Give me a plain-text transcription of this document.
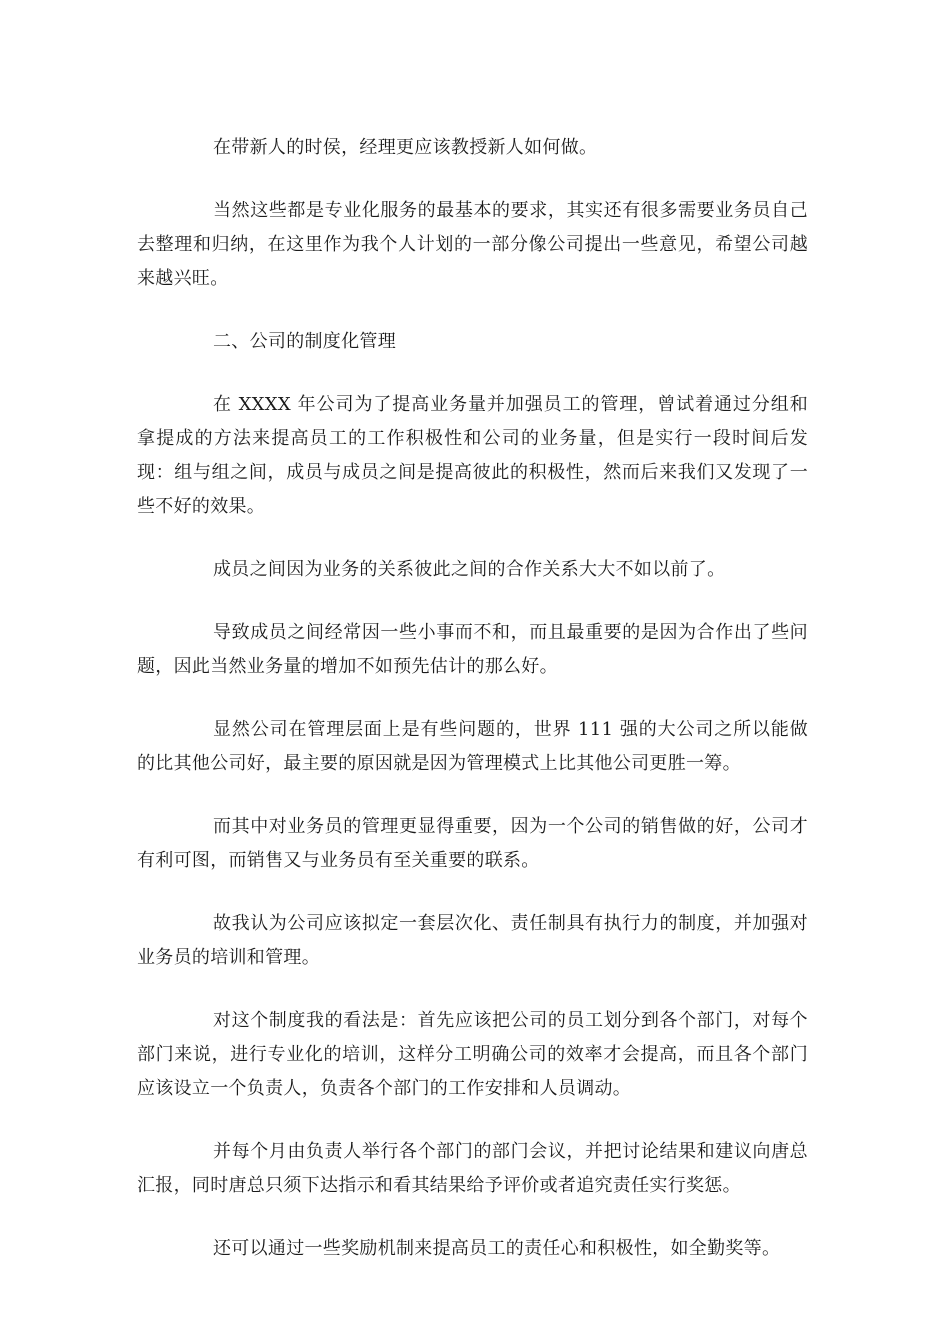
在带新人的时侯，经理更应该教授新人如何做。

当然这些都是专业化服务的最基本的要求，其实还有很多需要业务员自己去整理和归纳，在这里作为我个人计划的一部分像公司提出一些意见，希望公司越来越兴旺。

二、公司的制度化管理

在 XXXX 年公司为了提高业务量并加强员工的管理，曾试着通过分组和拿提成的方法来提高员工的工作积极性和公司的业务量，但是实行一段时间后发现：组与组之间，成员与成员之间是提高彼此的积极性，然而后来我们又发现了一些不好的效果。

成员之间因为业务的关系彼此之间的合作关系大大不如以前了。

导致成员之间经常因一些小事而不和，而且最重要的是因为合作出了些问题，因此当然业务量的增加不如预先估计的那么好。

显然公司在管理层面上是有些问题的，世界 111 强的大公司之所以能做的比其他公司好，最主要的原因就是因为管理模式上比其他公司更胜一筹。

而其中对业务员的管理更显得重要，因为一个公司的销售做的好，公司才有利可图，而销售又与业务员有至关重要的联系。

故我认为公司应该拟定一套层次化、责任制具有执行力的制度，并加强对业务员的培训和管理。

对这个制度我的看法是：首先应该把公司的员工划分到各个部门，对每个部门来说，进行专业化的培训，这样分工明确公司的效率才会提高，而且各个部门应该设立一个负责人，负责各个部门的工作安排和人员调动。

并每个月由负责人举行各个部门的部门会议，并把讨论结果和建议向唐总汇报，同时唐总只须下达指示和看其结果给予评价或者追究责任实行奖惩。

还可以通过一些奖励机制来提高员工的责任心和积极性，如全勤奖等。
